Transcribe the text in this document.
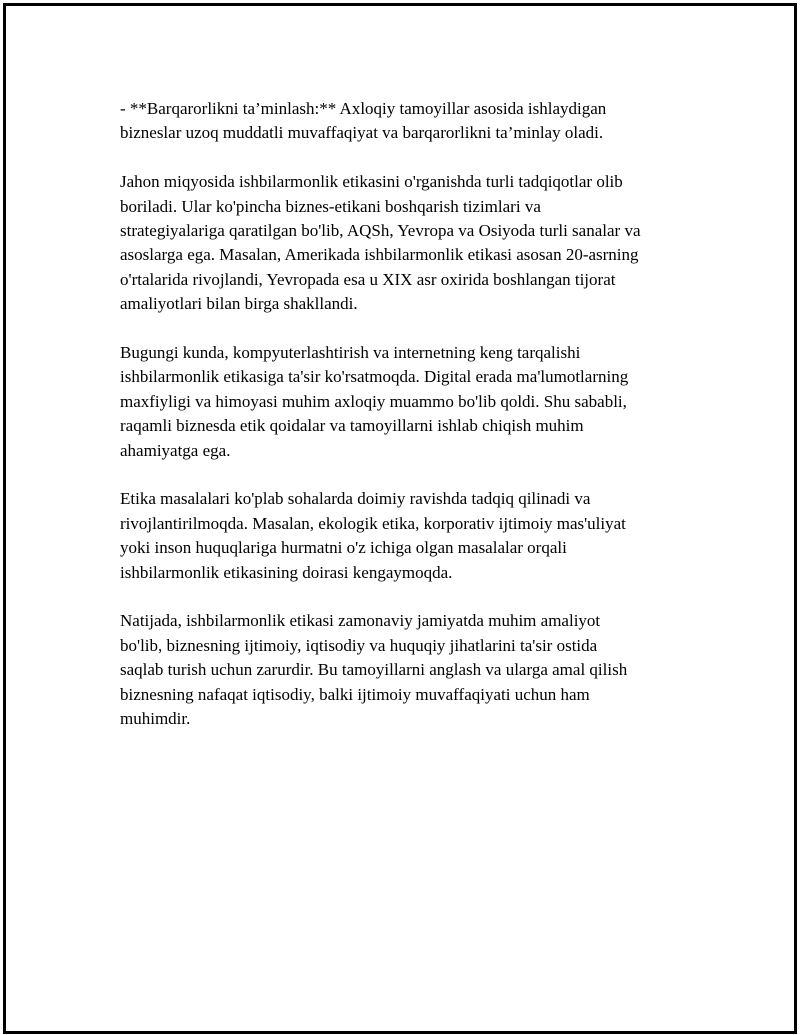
- **Barqarorlikni ta’minlash:** Axloqiy tamoyillar asosida ishlaydigan
bizneslar uzoq muddatli muvaffaqiyat va barqarorlikni ta’minlay oladi.

Jahon miqyosida ishbilarmonlik etikasini o'rganishda turli tadqiqotlar olib
boriladi. Ular ko'pincha biznes-etikani boshqarish tizimlari va
strategiyalariga qaratilgan bo'lib, AQSh, Yevropa va Osiyoda turli sanalar va
asoslarga ega. Masalan, Amerikada ishbilarmonlik etikasi asosan 20-asrning
o'rtalarida rivojlandi, Yevropada esa u XIX asr oxirida boshlangan tijorat
amaliyotlari bilan birga shakllandi.

Bugungi kunda, kompyuterlashtirish va internetning keng tarqalishi
ishbilarmonlik etikasiga ta'sir ko'rsatmoqda. Digital erada ma'lumotlarning
maxfiyligi va himoyasi muhim axloqiy muammo bo'lib qoldi. Shu sababli,
raqamli biznesda etik qoidalar va tamoyillarni ishlab chiqish muhim
ahamiyatga ega.

Etika masalalari ko'plab sohalarda doimiy ravishda tadqiq qilinadi va
rivojlantirilmoqda. Masalan, ekologik etika, korporativ ijtimoiy mas'uliyat
yoki inson huquqlariga hurmatni o'z ichiga olgan masalalar orqali
ishbilarmonlik etikasining doirasi kengaymoqda.

Natijada, ishbilarmonlik etikasi zamonaviy jamiyatda muhim amaliyot
bo'lib, biznesning ijtimoiy, iqtisodiy va huquqiy jihatlarini ta'sir ostida
saqlab turish uchun zarurdir. Bu tamoyillarni anglash va ularga amal qilish
biznesning nafaqat iqtisodiy, balki ijtimoiy muvaffaqiyati uchun ham
muhimdir.
